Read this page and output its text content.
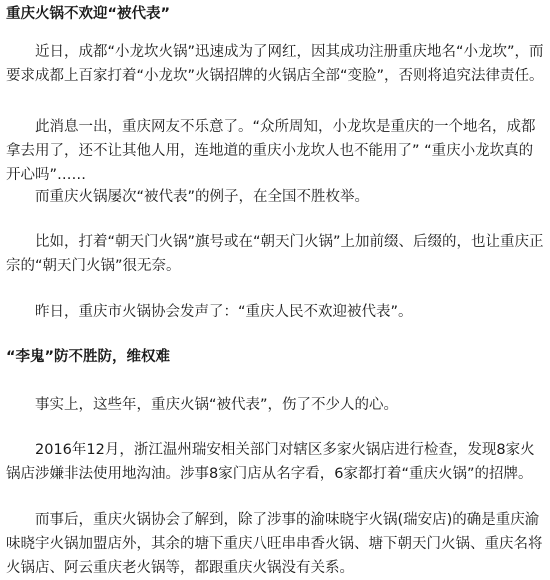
重庆火锅不欢迎“被代表”

近日，成都“小龙坎火锅”迅速成为了网红，因其成功注册重庆地名“小龙坎”，而要求成都上百家打着“小龙坎”火锅招牌的火锅店全部“变脸”，否则将追究法律责任。

此消息一出，重庆网友不乐意了。“众所周知，小龙坎是重庆的一个地名，成都拿去用了，还不让其他人用，连地道的重庆小龙坎人也不能用了” “重庆小龙坎真的开心吗”……

而重庆火锅屡次“被代表”的例子，在全国不胜枚举。

比如，打着“朝天门火锅”旗号或在“朝天门火锅”上加前缀、后缀的，也让重庆正宗的“朝天门火锅”很无奈。

昨日，重庆市火锅协会发声了：“重庆人民不欢迎被代表”。

“李鬼”防不胜防，维权难

事实上，这些年，重庆火锅“被代表”，伤了不少人的心。

2016年12月，浙江温州瑞安相关部门对辖区多家火锅店进行检查，发现8家火锅店涉嫌非法使用地沟油。涉事8家门店从名字看，6家都打着“重庆火锅”的招牌。

而事后，重庆火锅协会了解到，除了涉事的渝味晓宇火锅(瑞安店)的确是重庆渝味晓宇火锅加盟店外，其余的塘下重庆八旺串串香火锅、塘下朝天门火锅、重庆名将火锅店、阿云重庆老火锅等，都跟重庆火锅没有关系。
